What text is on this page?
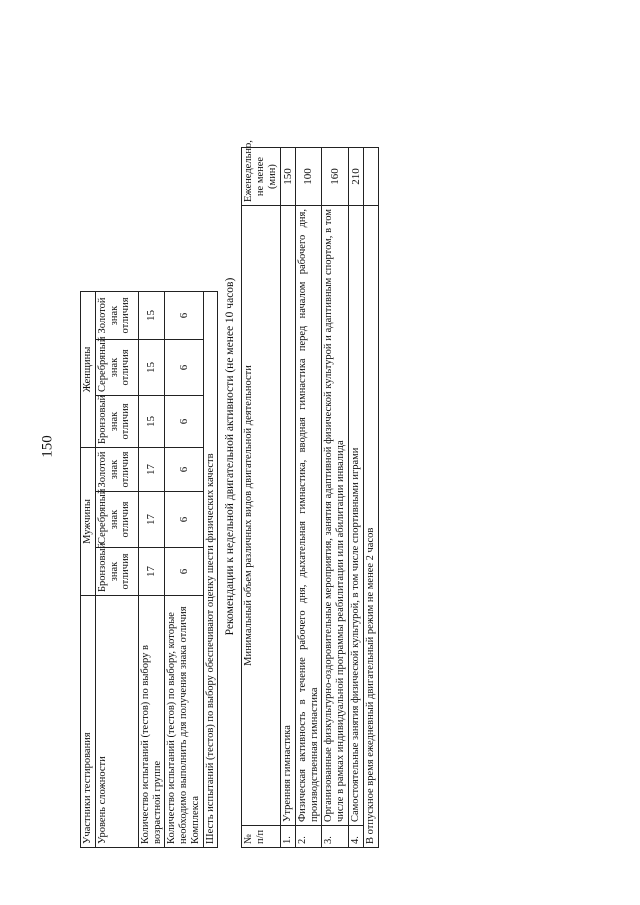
150
Участники тестирования	Мужчины			Женщины			
Уровень сложности	Бронзовый знак отличия	Серебряный знак отличия	Золотой знак отличия	Бронзовый знак отличия	Серебряный знак отличия	Золотой знак отличия	
Количество испытаний (тестов) по выбору в возрастной группе	17	17	17	15	15	15	
Количество испытаний (тестов) по выбору, которые необходимо выполнить для получения знака отличия Комплекса	6	6	6	6	6	6	
Шесть испытаний (тестов) по выбору обеспечивают оценку шести физических качеств							Рекомендации к недельной двигательной активности (не менее 10 часов)
№ п/п	Минимальный объем различных видов двигательной деятельности	Еженедельно, не менее (мин)	
1.	Утренняя гимнастика	150	
2.	Физическая активность в течение рабочего дня, дыхательная гимнастика, вводная гимнастика перед началом рабочего дня, производственная гимнастика	100	
3.	Организованные физкультурно-оздоровительные мероприятия, занятия адаптивной физической культурой и адаптивным спортом, в том числе в рамках индивидуальной программы реабилитации или абилитации инвалида	160	
4.	Самостоятельные занятия физической культурой, в том числе спортивными играми	210	
В отпускное время ежедневный двигательный режим не менее 2 часов			
